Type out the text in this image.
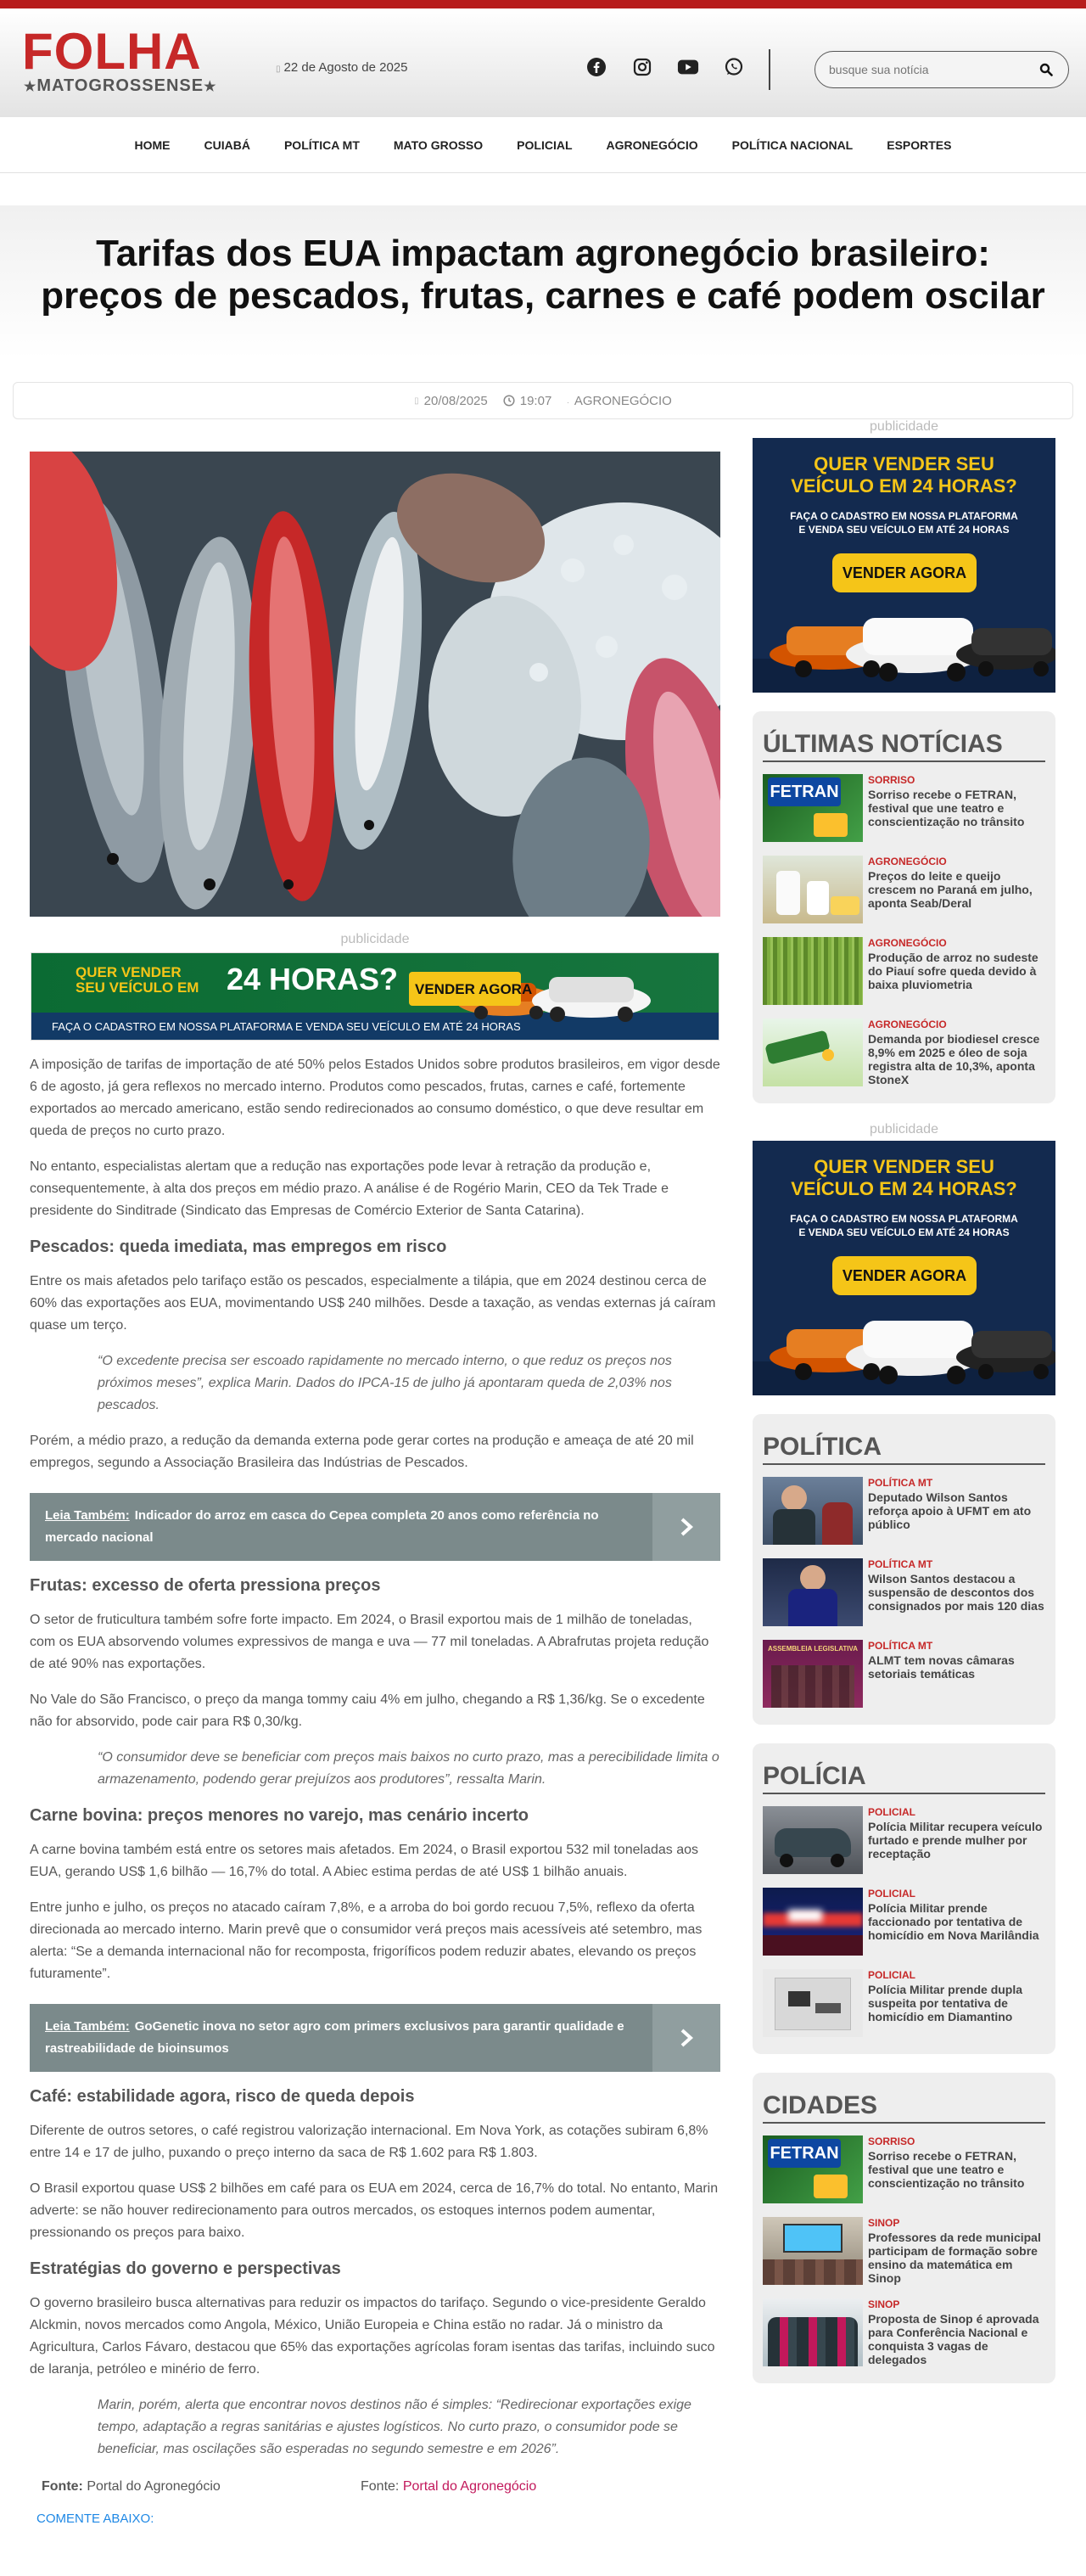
FOLHA
★MATOGROSSENSE★
▯ 22 de Agosto de 2025
busque sua notícia
HOME	CUIABÁ	POLÍTICA MT	MATO GROSSO	POLICIAL	AGRONEGÓCIO	POLÍTICA NACIONAL	ESPORTES
Tarifas dos EUA impactam agronegócio brasileiro:
preços de pescados, frutas, carnes e café podem oscilar
▯ 20/08/2025	19:07 . AGRONEGÓCIO
publicidade
QUER VENDER
SEU VEÍCULO EM 24 HORAS? VENDER AGORA
FAÇA O CADASTRO EM NOSSA PLATAFORMA E VENDA SEU VEÍCULO EM ATÉ 24 HORAS

A imposição de tarifas de importação de até 50% pelos Estados Unidos sobre produtos brasileiros, em vigor desde 6 de agosto, já gera reflexos no mercado interno. Produtos como pescados, frutas, carnes e café, fortemente exportados ao mercado americano, estão sendo redirecionados ao consumo doméstico, o que deve resultar em queda de preços no curto prazo.

No entanto, especialistas alertam que a redução nas exportações pode levar à retração da produção e, consequentemente, à alta dos preços em médio prazo. A análise é de Rogério Marin, CEO da Tek Trade e presidente do Sinditrade (Sindicato das Empresas de Comércio Exterior de Santa Catarina).

Pescados: queda imediata, mas empregos em risco

Entre os mais afetados pelo tarifaço estão os pescados, especialmente a tilápia, que em 2024 destinou cerca de 60% das exportações aos EUA, movimentando US$ 240 milhões. Desde a taxação, as vendas externas já caíram quase um terço.

“O excedente precisa ser escoado rapidamente no mercado interno, o que reduz os preços nos próximos meses”, explica Marin. Dados do IPCA-15 de julho já apontaram queda de 2,03% nos pescados.

Porém, a médio prazo, a redução da demanda externa pode gerar cortes na produção e ameaça de até 20 mil empregos, segundo a Associação Brasileira das Indústrias de Pescados.

Leia Também: Indicador do arroz em casca do Cepea completa 20 anos como referência no mercado nacional
Frutas: excesso de oferta pressiona preços

O setor de fruticultura também sofre forte impacto. Em 2024, o Brasil exportou mais de 1 milhão de toneladas, com os EUA absorvendo volumes expressivos de manga e uva — 77 mil toneladas. A Abrafrutas projeta redução de até 90% nas exportações.

No Vale do São Francisco, o preço da manga tommy caiu 4% em julho, chegando a R$ 1,36/kg. Se o excedente não for absorvido, pode cair para R$ 0,30/kg.

“O consumidor deve se beneficiar com preços mais baixos no curto prazo, mas a perecibilidade limita o armazenamento, podendo gerar prejuízos aos produtores”, ressalta Marin.
Carne bovina: preços menores no varejo, mas cenário incerto

A carne bovina também está entre os setores mais afetados. Em 2024, o Brasil exportou 532 mil toneladas aos EUA, gerando US$ 1,6 bilhão — 16,7% do total. A Abiec estima perdas de até US$ 1 bilhão anuais.

Entre junho e julho, os preços no atacado caíram 7,8%, e a arroba do boi gordo recuou 7,5%, reflexo da oferta direcionada ao mercado interno. Marin prevê que o consumidor verá preços mais acessíveis até setembro, mas alerta: “Se a demanda internacional não for recomposta, frigoríficos podem reduzir abates, elevando os preços futuramente”.

Leia Também: GoGenetic inova no setor agro com primers exclusivos para garantir qualidade e rastreabilidade de bioinsumos
Café: estabilidade agora, risco de queda depois

Diferente de outros setores, o café registrou valorização internacional. Em Nova York, as cotações subiram 6,8% entre 14 e 17 de julho, puxando o preço interno da saca de R$ 1.602 para R$ 1.803.

O Brasil exportou quase US$ 2 bilhões em café para os EUA em 2024, cerca de 16,7% do total. No entanto, Marin adverte: se não houver redirecionamento para outros mercados, os estoques internos podem aumentar, pressionando os preços para baixo.

Estratégias do governo e perspectivas

O governo brasileiro busca alternativas para reduzir os impactos do tarifaço. Segundo o vice-presidente Geraldo Alckmin, novos mercados como Angola, México, União Europeia e China estão no radar. Já o ministro da Agricultura, Carlos Fávaro, destacou que 65% das exportações agrícolas foram isentas das tarifas, incluindo suco de laranja, petróleo e minério de ferro.

Marin, porém, alerta que encontrar novos destinos não é simples: “Redirecionar exportações exige tempo, adaptação a regras sanitárias e ajustes logísticos. No curto prazo, o consumidor pode se beneficiar, mas oscilações são esperadas no segundo semestre e em 2026”.
Fonte: Portal do Agronegócio	Fonte: Portal do Agronegócio
COMENTE ABAIXO:
publicidade
QUER VENDER SEU
VEÍCULO EM 24 HORAS?
FAÇA O CADASTRO EM NOSSA PLATAFORMA
E VENDA SEU VEÍCULO EM ATÉ 24 HORAS
VENDER AGORA
ÚLTIMAS NOTÍCIAS
FETRAN
SORRISO
Sorriso recebe o FETRAN, festival que une teatro e conscientização no trânsito
AGRONEGÓCIO
Preços do leite e queijo crescem no Paraná em julho, aponta Seab/Deral
AGRONEGÓCIO
Produção de arroz no sudeste do Piauí sofre queda devido à baixa pluviometria
AGRONEGÓCIO
Demanda por biodiesel cresce 8,9% em 2025 e óleo de soja registra alta de 10,3%, aponta StoneX
publicidade
QUER VENDER SEU
VEÍCULO EM 24 HORAS?
FAÇA O CADASTRO EM NOSSA PLATAFORMA
E VENDA SEU VEÍCULO EM ATÉ 24 HORAS
VENDER AGORA
POLÍTICA
POLÍTICA MT
Deputado Wilson Santos reforça apoio à UFMT em ato público
POLÍTICA MT
Wilson Santos destacou a suspensão de descontos dos consignados por mais 120 dias
ASSEMBLEIA LEGISLATIVA POLÍTICA MT
ALMT tem novas câmaras setoriais temáticas
POLÍCIA
POLICIAL
Polícia Militar recupera veículo furtado e prende mulher por receptação
POLICIAL
Polícia Militar prende faccionado por tentativa de homicídio em Nova Marilândia
POLICIAL
Polícia Militar prende dupla suspeita por tentativa de homicídio em Diamantino
CIDADES
FETRAN
SORRISO
Sorriso recebe o FETRAN, festival que une teatro e conscientização no trânsito
SINOP
Professores da rede municipal participam de formação sobre ensino da matemática em Sinop
SINOP
Proposta de Sinop é aprovada para Conferência Nacional e conquista 3 vagas de delegados
